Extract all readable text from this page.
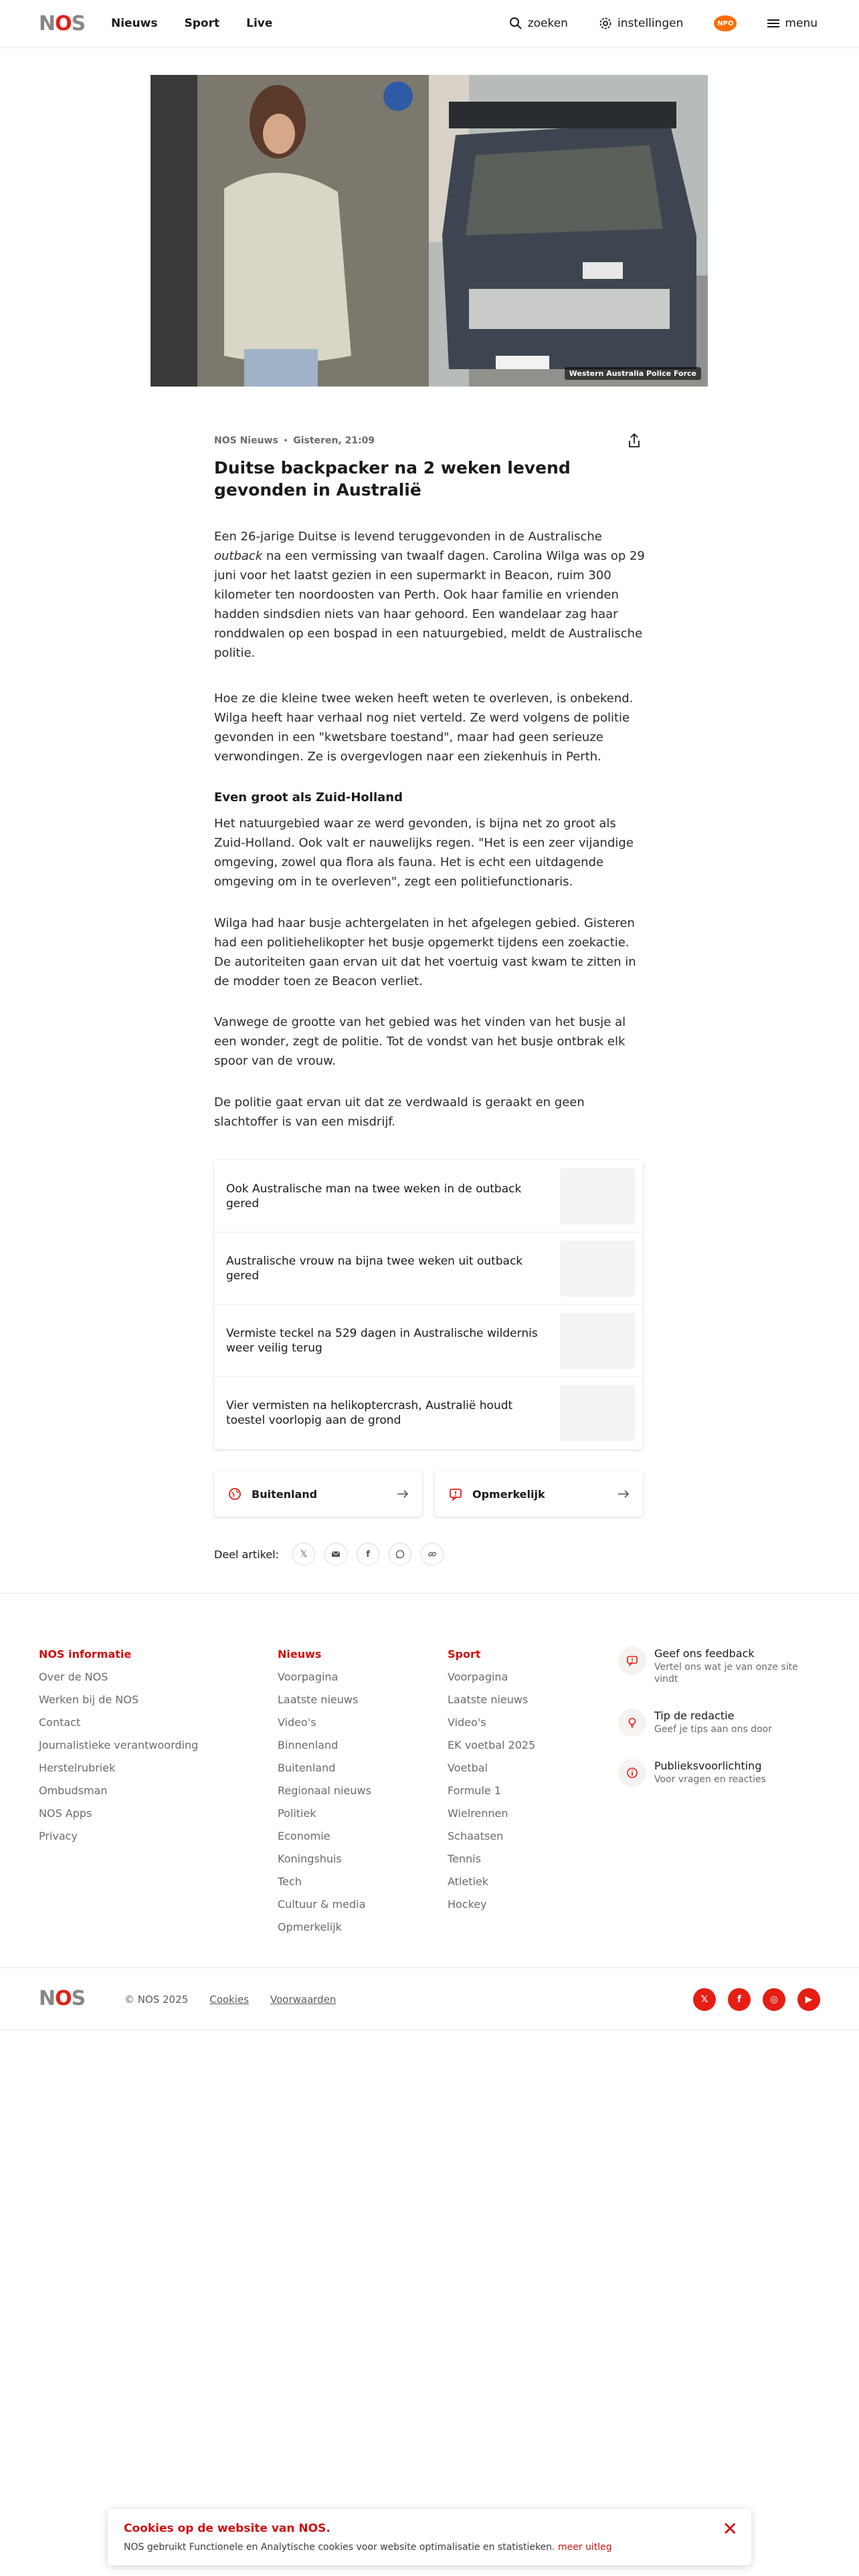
NOS Nieuws Sport Live	zoeken	instellingen	NPO	menu
Western Australia Police Force
NOS Nieuws • Gisteren, 21:09
Duitse backpacker na 2 weken levend gevonden in Australië

Een 26-jarige Duitse is levend teruggevonden in de Australische outback na een vermissing van twaalf dagen. Carolina Wilga was op 29 juni voor het laatst gezien in een supermarkt in Beacon, ruim 300 kilometer ten noordoosten van Perth. Ook haar familie en vrienden hadden sindsdien niets van haar gehoord. Een wandelaar zag haar ronddwalen op een bospad in een natuurgebied, meldt de Australische politie.

Hoe ze die kleine twee weken heeft weten te overleven, is onbekend. Wilga heeft haar verhaal nog niet verteld. Ze werd volgens de politie gevonden in een "kwetsbare toestand", maar had geen serieuze verwondingen. Ze is overgevlogen naar een ziekenhuis in Perth.

Even groot als Zuid-Holland

Het natuurgebied waar ze werd gevonden, is bijna net zo groot als Zuid-Holland. Ook valt er nauwelijks regen. "Het is een zeer vijandige omgeving, zowel qua flora als fauna. Het is echt een uitdagende omgeving om in te overleven", zegt een politiefunctionaris.

Wilga had haar busje achtergelaten in het afgelegen gebied. Gisteren had een politiehelikopter het busje opgemerkt tijdens een zoekactie. De autoriteiten gaan ervan uit dat het voertuig vast kwam te zitten in de modder toen ze Beacon verliet.

Vanwege de grootte van het gebied was het vinden van het busje al een wonder, zegt de politie. Tot de vondst van het busje ontbrak elk spoor van de vrouw.

De politie gaat ervan uit dat ze verdwaald is geraakt en geen slachtoffer is van een misdrijf.

Ook Australische man na twee weken in de outback gered
Australische vrouw na bijna twee weken uit outback gered
Vermiste teckel na 529 dagen in Australische wildernis weer veilig terug
Vier vermisten na helikoptercrash, Australië houdt toestel voorlopig aan de grond
Buitenland	Opmerkelijk
Deel artikel: 𝕏	f
NOS informatie
Over de NOS
Werken bij de NOS
Contact
Journalistieke verantwoording
Herstelrubriek
Ombudsman
NOS Apps
Privacy
Nieuws
Voorpagina
Laatste nieuws
Video's
Binnenland
Buitenland
Regionaal nieuws
Politiek
Economie
Koningshuis
Tech
Cultuur & media
Opmerkelijk
Sport
Voorpagina
Laatste nieuws
Video's
EK voetbal 2025
Voetbal
Formule 1
Wielrennen
Schaatsen
Tennis
Atletiek
Hockey
Geef ons feedback
Vertel ons wat je van onze site vindt
Tip de redactie
Geef je tips aan ons door
Publieksvoorlichting
Voor vragen en reacties
NOS	© NOS 2025 Cookies Voorwaarden	𝕏	f	◎	▶
Cookies op de website van NOS.
NOS gebruikt Functionele en Analytische cookies voor website optimalisatie en statistieken. meer uitleg
✕
